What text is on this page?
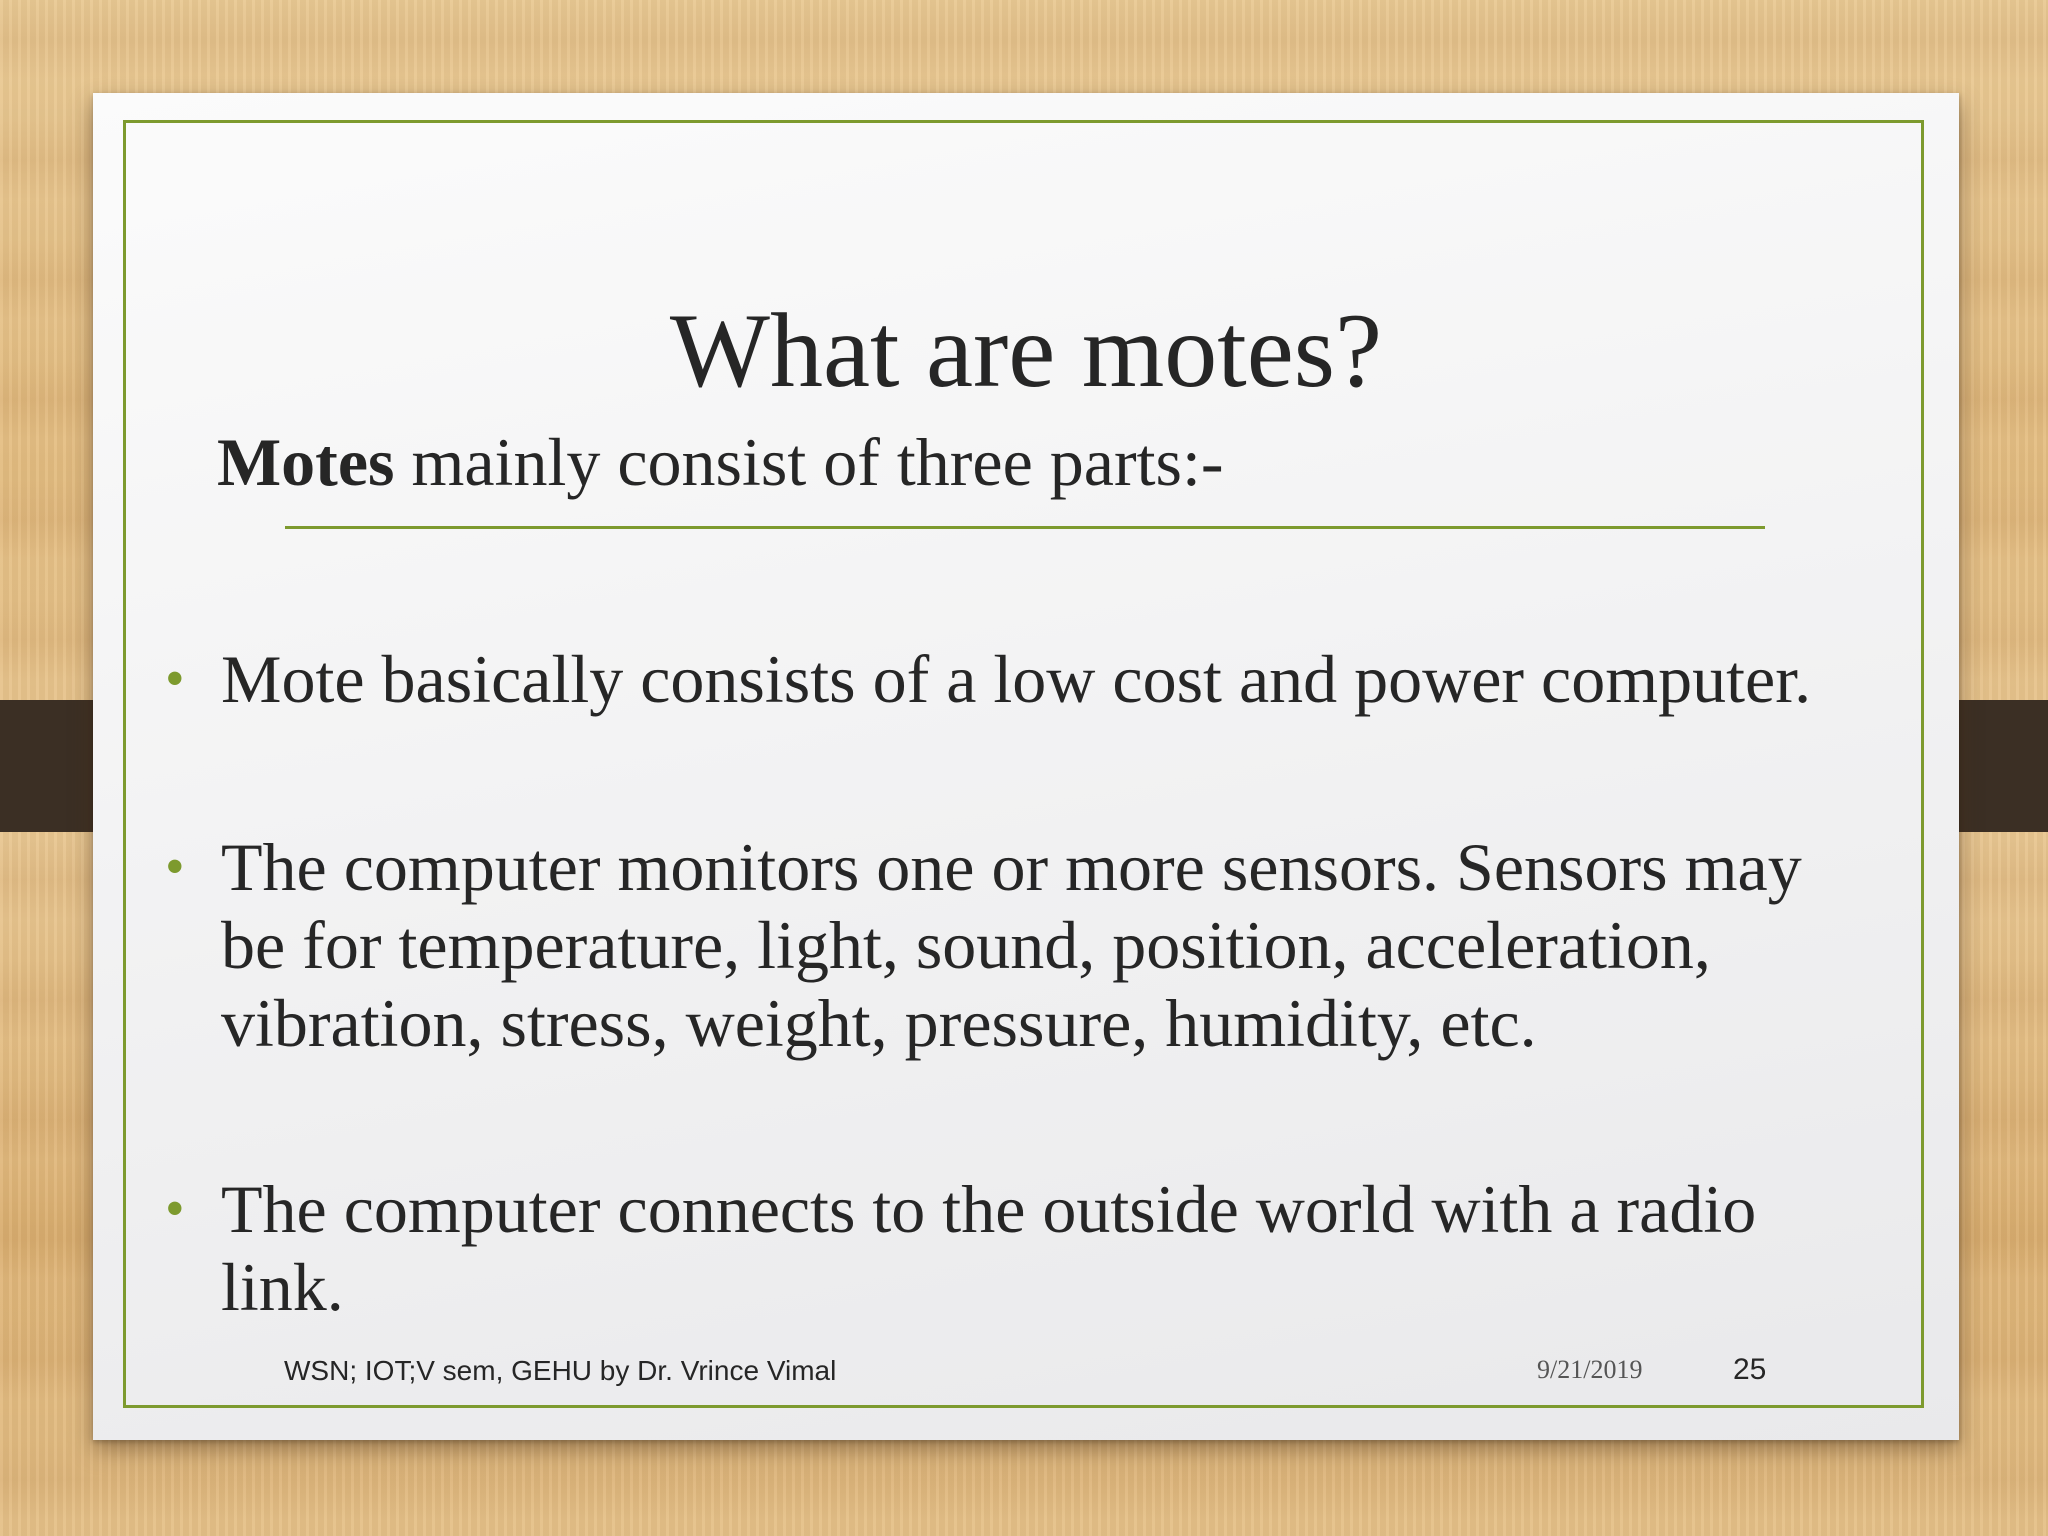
What are motes?
Motes mainly consist of three parts:-
• Mote basically consists of a low cost and power computer.
• The computer monitors one or more sensors. Sensors may be for temperature, light, sound, position, acceleration, vibration, stress, weight, pressure, humidity, etc.
• The computer connects to the outside world with a radio link.
WSN; IOT;V sem, GEHU by Dr. Vrince Vimal	9/21/2019	25
